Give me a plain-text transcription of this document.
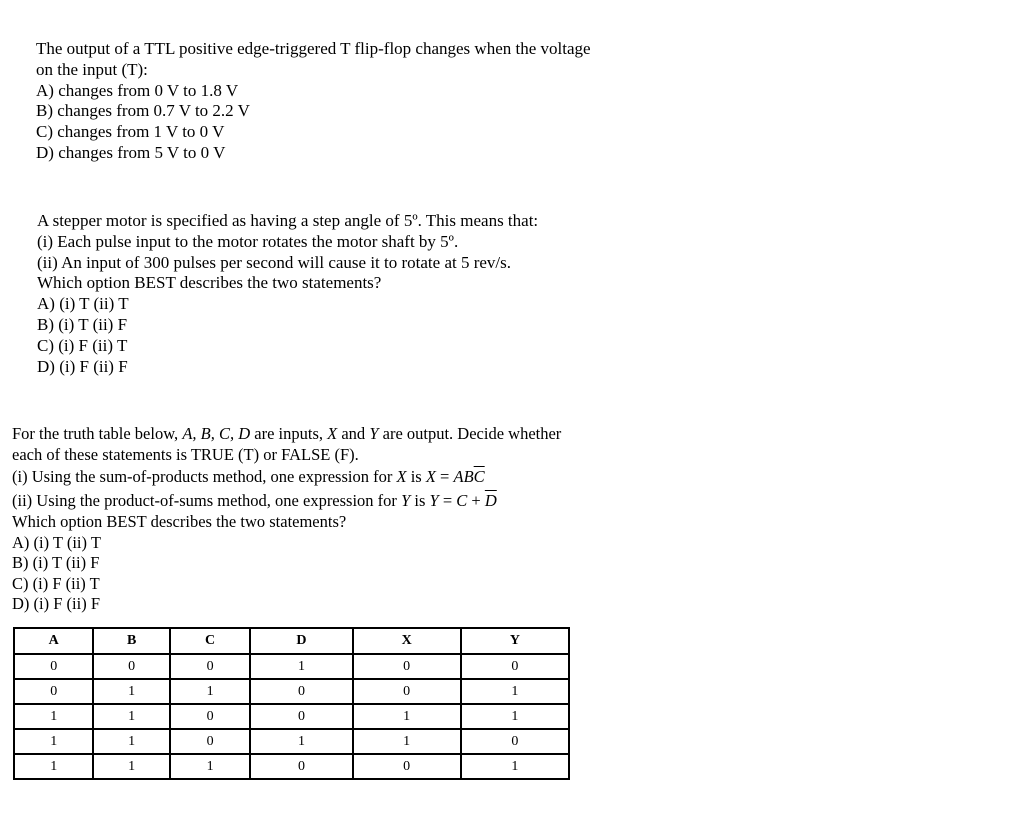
The output of a TTL positive edge-triggered T flip-flop changes when the voltage
on the input (T):
A) changes from 0 V to 1.8 V
B) changes from 0.7 V to 2.2 V
C) changes from 1 V to 0 V
D) changes from 5 V to 0 V
A stepper motor is specified as having a step angle of 5º. This means that:
(i) Each pulse input to the motor rotates the motor shaft by 5º.
(ii) An input of 300 pulses per second will cause it to rotate at 5 rev/s.
Which option BEST describes the two statements?
A) (i) T (ii) T
B) (i) T (ii) F
C) (i) F (ii) T
D) (i) F (ii) F
For the truth table below, A, B, C, D are inputs, X and Y are output. Decide whether
each of these statements is TRUE (T) or FALSE (F).
(i) Using the sum-of-products method, one expression for X is $X = AB\overline{C}$
(ii) Using the product-of-sums method, one expression for Y is $Y = C + \overline{D}$
Which option BEST describes the two statements?
A) (i) T (ii) T
B) (i) T (ii) F
C) (i) F (ii) T
D) (i) F (ii) F
A	B	C	D	X	Y
0	0	0	1	0	0
0	1	1	0	0	1
1	1	0	0	1	1
1	1	0	1	1	0
1	1	1	0	0	1
